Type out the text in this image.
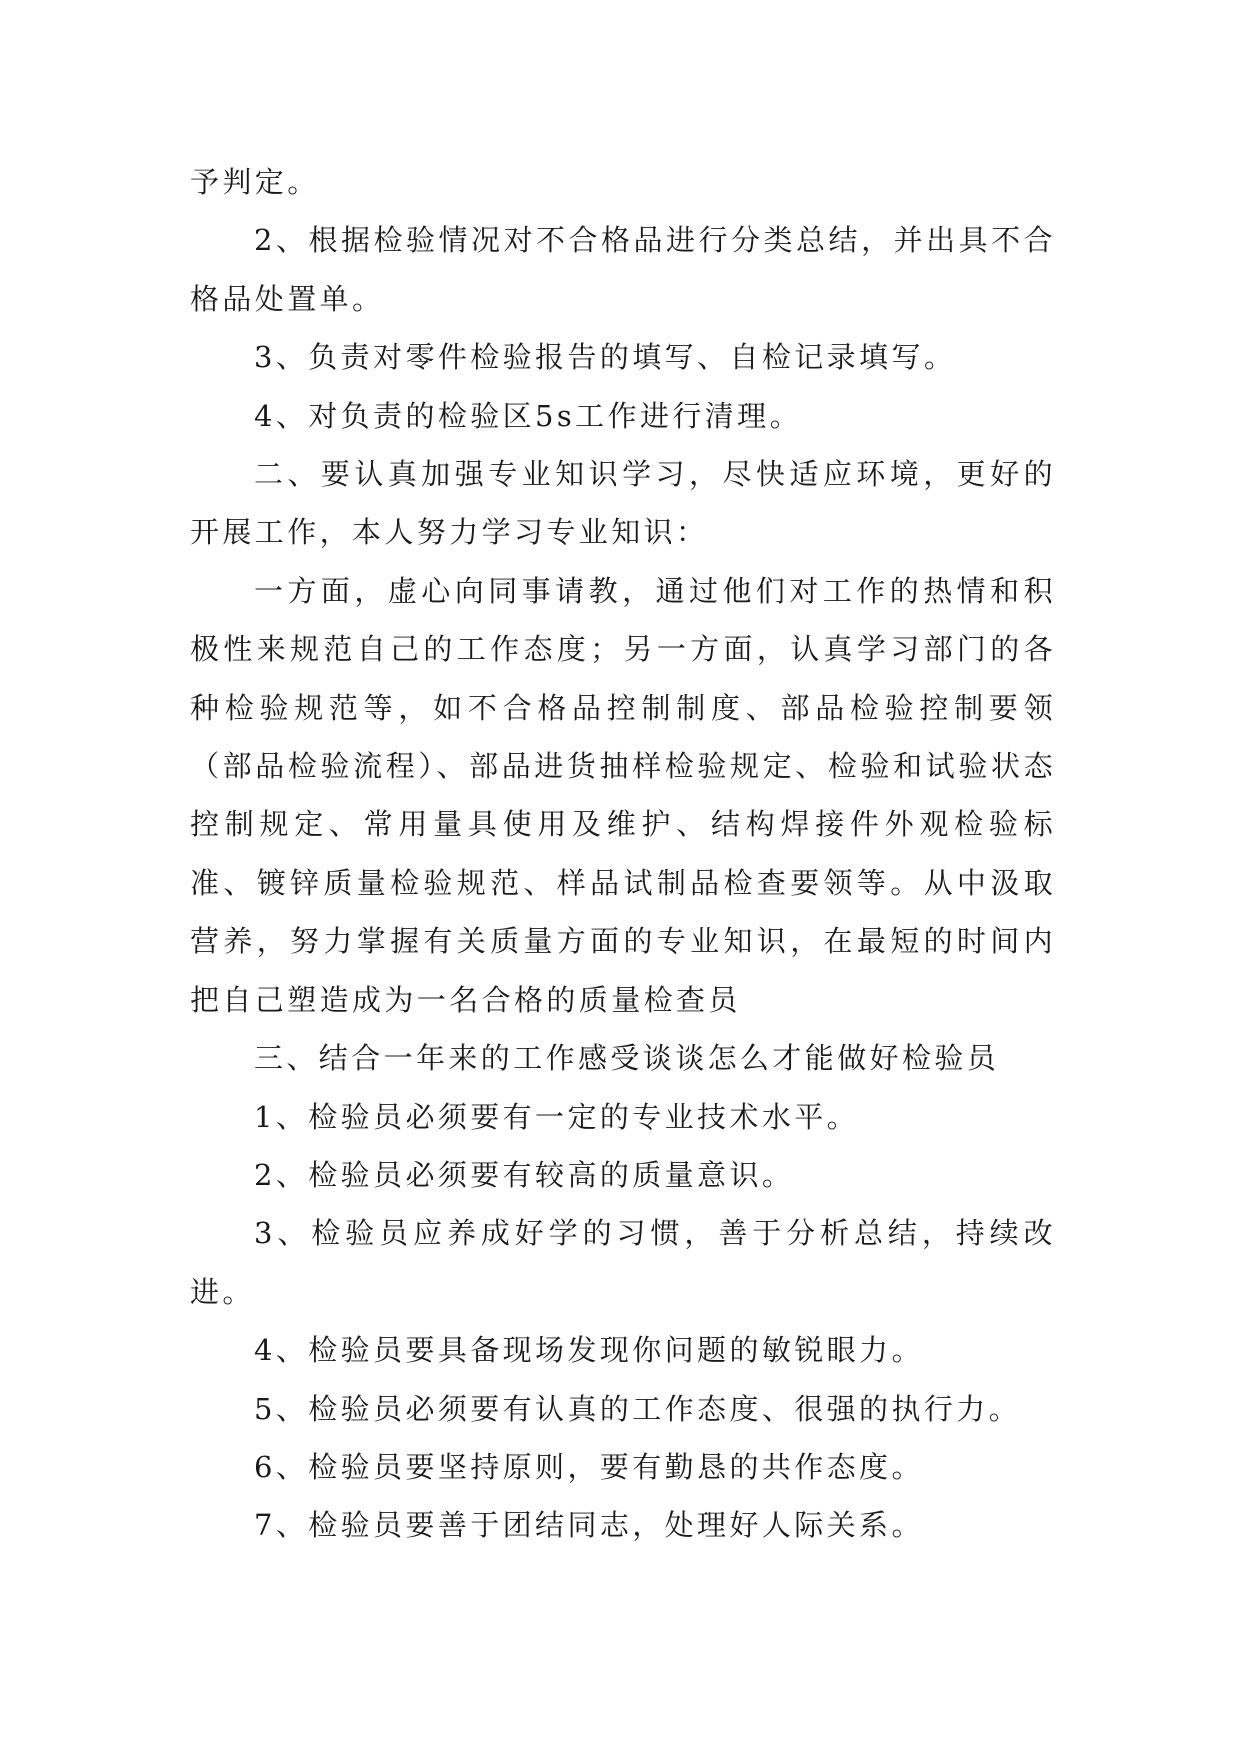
予判定。

2、根据检验情况对不合格品进行分类总结，并出具不合格品处置单。

3、负责对零件检验报告的填写、自检记录填写。

4、对负责的检验区5s工作进行清理。

二、要认真加强专业知识学习，尽快适应环境，更好的开展工作，本人努力学习专业知识：

一方面，虚心向同事请教，通过他们对工作的热情和积极性来规范自己的工作态度；另一方面，认真学习部门的各种检验规范等，如不合格品控制制度、部品检验控制要领（部品检验流程）、部品进货抽样检验规定、检验和试验状态控制规定、常用量具使用及维护、结构焊接件外观检验标准、镀锌质量检验规范、样品试制品检查要领等。从中汲取营养，努力掌握有关质量方面的专业知识，在最短的时间内把自己塑造成为一名合格的质量检查员

三、结合一年来的工作感受谈谈怎么才能做好检验员

1、检验员必须要有一定的专业技术水平。

2、检验员必须要有较高的质量意识。

3、检验员应养成好学的习惯，善于分析总结，持续改进。

4、检验员要具备现场发现你问题的敏锐眼力。

5、检验员必须要有认真的工作态度、很强的执行力。

6、检验员要坚持原则，要有勤恳的共作态度。

7、检验员要善于团结同志，处理好人际关系。
